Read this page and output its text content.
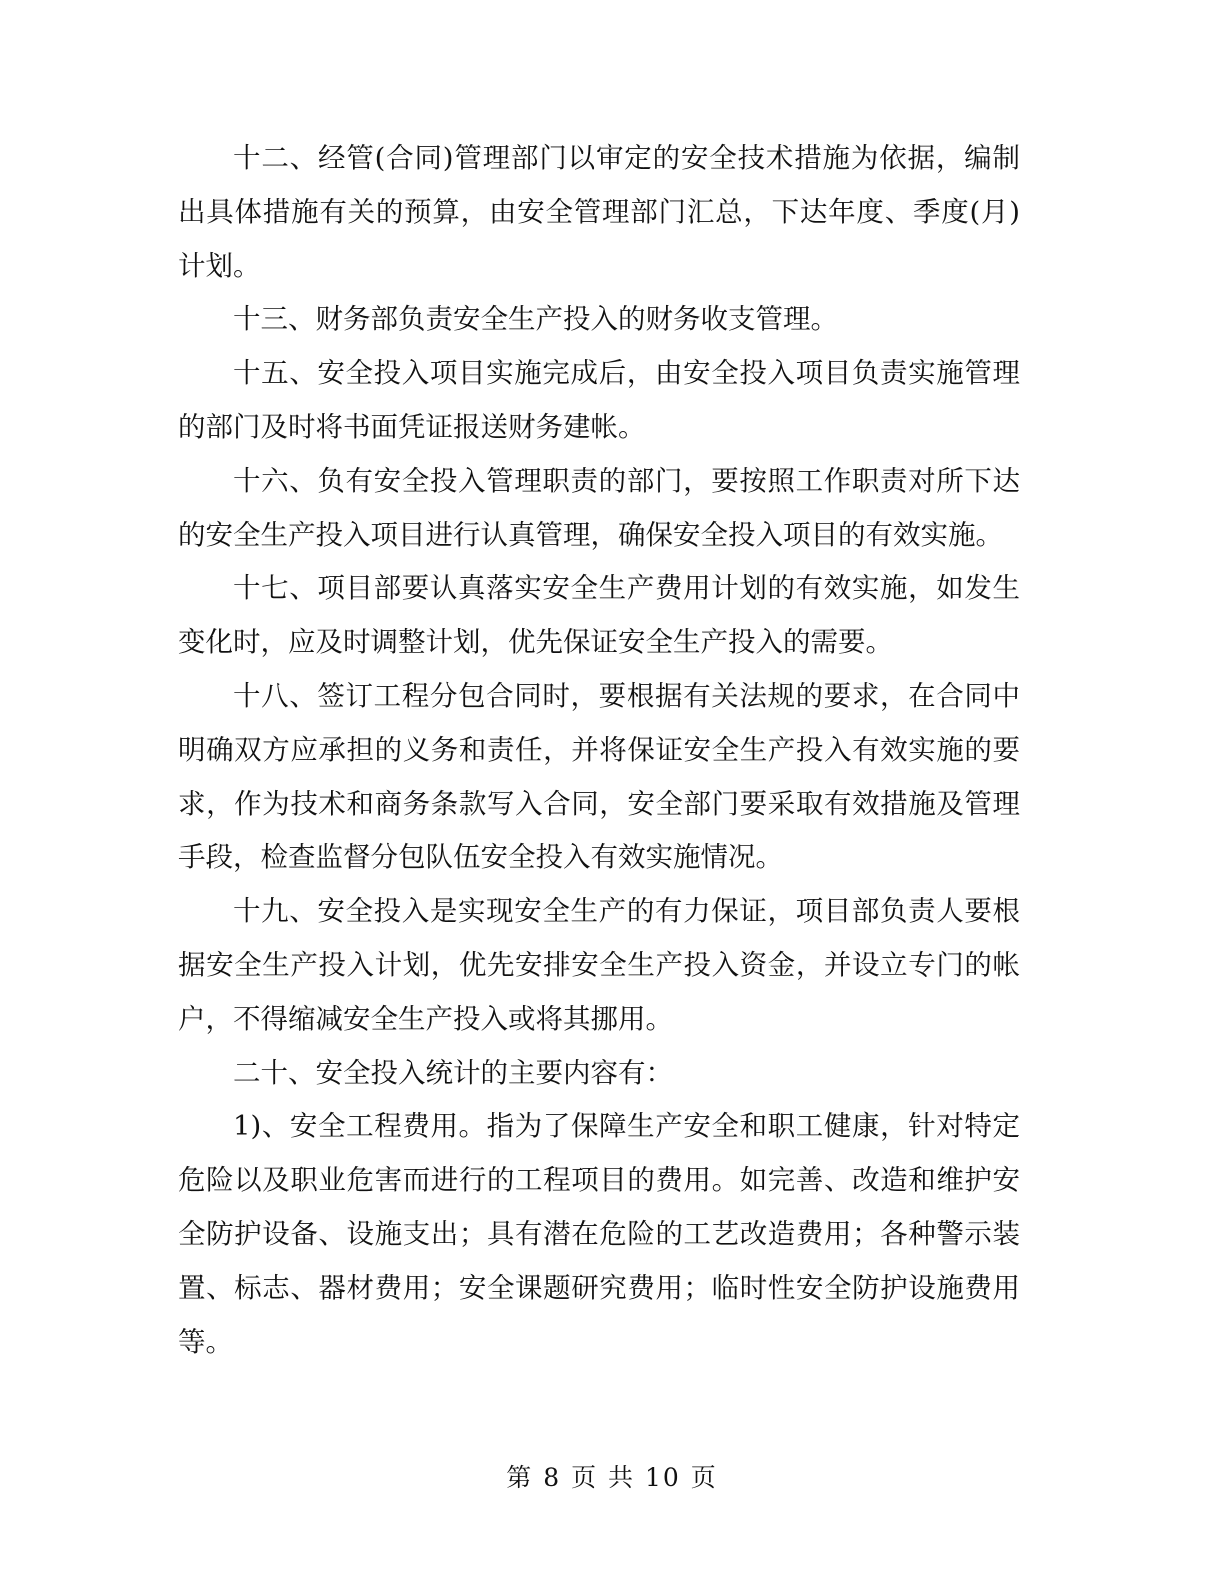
十二、经管(合同)管理部门以审定的安全技术措施为依据，编制出具体措施有关的预算，由安全管理部门汇总，下达年度、季度(月)计划。

十三、财务部负责安全生产投入的财务收支管理。

十五、安全投入项目实施完成后，由安全投入项目负责实施管理的部门及时将书面凭证报送财务建帐。

十六、负有安全投入管理职责的部门，要按照工作职责对所下达的安全生产投入项目进行认真管理，确保安全投入项目的有效实施。

十七、项目部要认真落实安全生产费用计划的有效实施，如发生变化时，应及时调整计划，优先保证安全生产投入的需要。

十八、签订工程分包合同时，要根据有关法规的要求，在合同中明确双方应承担的义务和责任，并将保证安全生产投入有效实施的要求，作为技术和商务条款写入合同，安全部门要采取有效措施及管理手段，检查监督分包队伍安全投入有效实施情况。

十九、安全投入是实现安全生产的有力保证，项目部负责人要根据安全生产投入计划，优先安排安全生产投入资金，并设立专门的帐户，不得缩减安全生产投入或将其挪用。

二十、安全投入统计的主要内容有：

1)、安全工程费用。指为了保障生产安全和职工健康，针对特定危险以及职业危害而进行的工程项目的费用。如完善、改造和维护安全防护设备、设施支出；具有潜在危险的工艺改造费用；各种警示装置、标志、器材费用；安全课题研究费用；临时性安全防护设施费用等。

第 8 页 共 10 页
